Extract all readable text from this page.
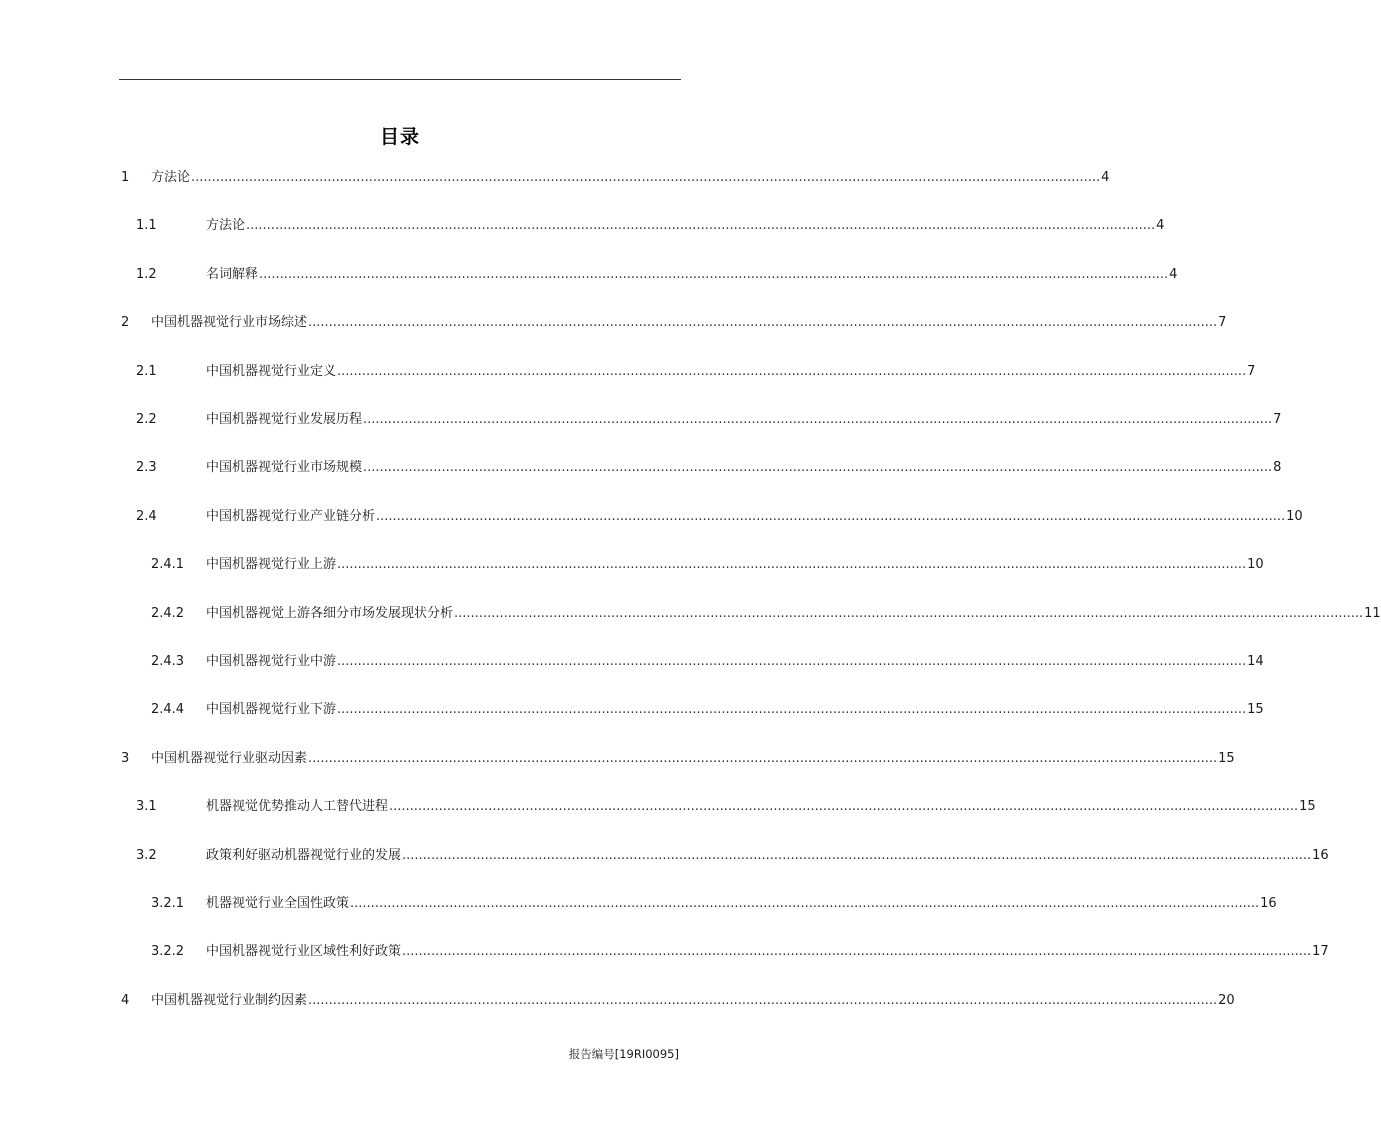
目录
1 方法论 ............................................................................................................................................................................................................................ 4
1.1	方法论 ............................................................................................................................................................................................................................ 4
1.2	名词解释 ............................................................................................................................................................................................................................ 4
2 中国机器视觉行业市场综述 ............................................................................................................................................................................................................................ 7
2.1	中国机器视觉行业定义 ............................................................................................................................................................................................................................ 7
2.2	中国机器视觉行业发展历程 ............................................................................................................................................................................................................................ 7
2.3	中国机器视觉行业市场规模 ............................................................................................................................................................................................................................ 8
2.4	中国机器视觉行业产业链分析 ............................................................................................................................................................................................................................ 10
2.4.1 中国机器视觉行业上游 ............................................................................................................................................................................................................................ 10
2.4.2 中国机器视觉上游各细分市场发展现状分析 ............................................................................................................................................................................................................................ 11
2.4.3 中国机器视觉行业中游 ............................................................................................................................................................................................................................ 14
2.4.4 中国机器视觉行业下游 ............................................................................................................................................................................................................................ 15
3 中国机器视觉行业驱动因素 ............................................................................................................................................................................................................................ 15
3.1	机器视觉优势推动人工替代进程 ............................................................................................................................................................................................................................ 15
3.2	政策利好驱动机器视觉行业的发展 ............................................................................................................................................................................................................................ 16
3.2.1 机器视觉行业全国性政策 ............................................................................................................................................................................................................................ 16
3.2.2 中国机器视觉行业区域性利好政策 ............................................................................................................................................................................................................................ 17
4 中国机器视觉行业制约因素 ............................................................................................................................................................................................................................ 20
报告编号[19RI0095]
